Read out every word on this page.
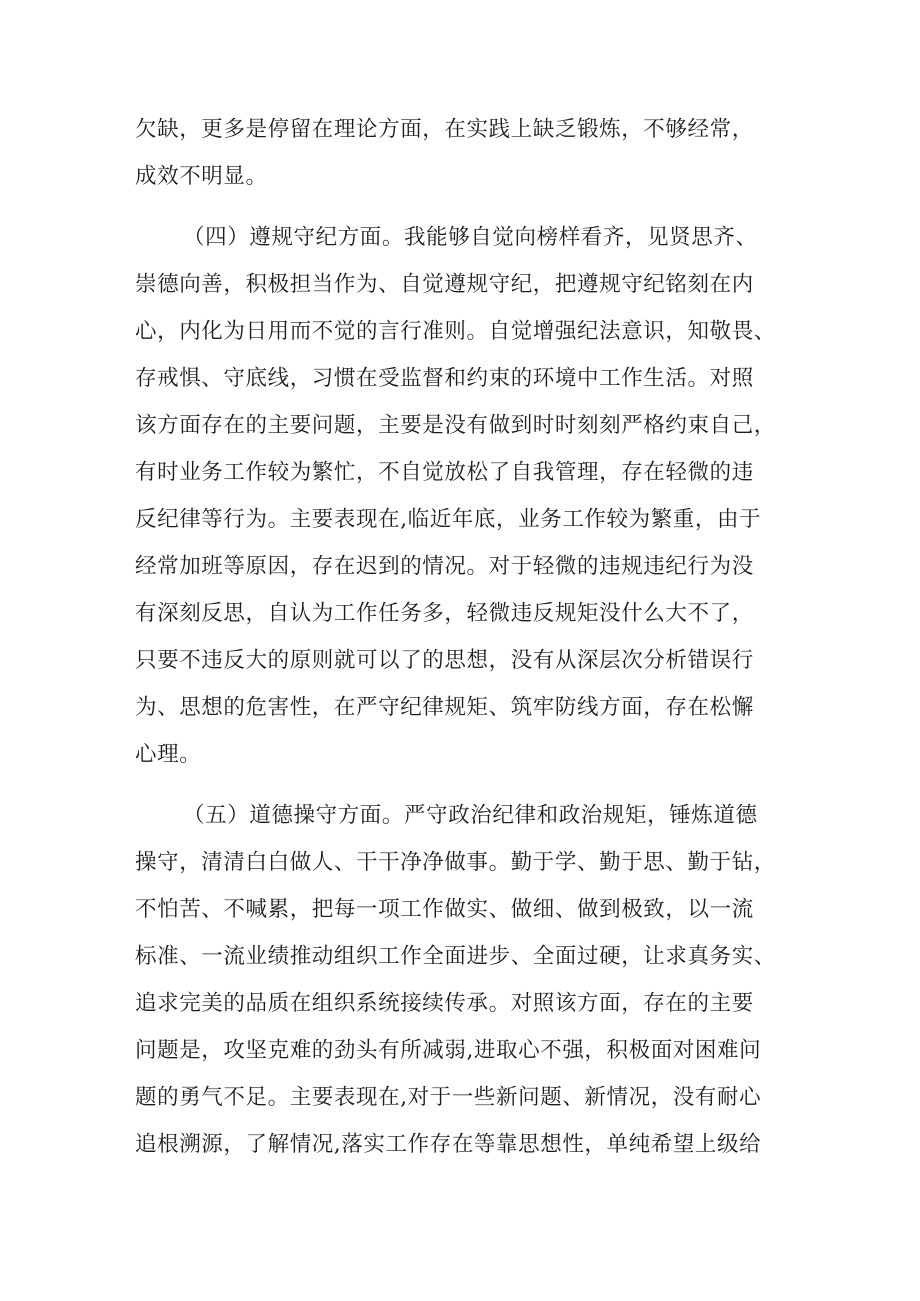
欠缺，更多是停留在理论方面，在实践上缺乏锻炼，不够经常，
成效不明显。
（四）遵规守纪方面。我能够自觉向榜样看齐，见贤思齐、
崇德向善，积极担当作为、自觉遵规守纪，把遵规守纪铭刻在内
心，内化为日用而不觉的言行准则。自觉增强纪法意识，知敬畏、
存戒惧、守底线，习惯在受监督和约束的环境中工作生活。对照
该方面存在的主要问题，主要是没有做到时时刻刻严格约束自己，
有时业务工作较为繁忙，不自觉放松了自我管理，存在轻微的违
反纪律等行为。主要表现在,临近年底，业务工作较为繁重，由于
经常加班等原因，存在迟到的情况。对于轻微的违规违纪行为没
有深刻反思，自认为工作任务多，轻微违反规矩没什么大不了，
只要不违反大的原则就可以了的思想，没有从深层次分析错误行
为、思想的危害性，在严守纪律规矩、筑牢防线方面，存在松懈
心理。
（五）道德操守方面。严守政治纪律和政治规矩，锤炼道德
操守，清清白白做人、干干净净做事。勤于学、勤于思、勤于钻，
不怕苦、不喊累，把每一项工作做实、做细、做到极致，以一流
标准、一流业绩推动组织工作全面进步、全面过硬，让求真务实、
追求完美的品质在组织系统接续传承。对照该方面，存在的主要
问题是，攻坚克难的劲头有所减弱,进取心不强，积极面对困难问
题的勇气不足。主要表现在,对于一些新问题、新情况，没有耐心
追根溯源，了解情况,落实工作存在等靠思想性，单纯希望上级给
